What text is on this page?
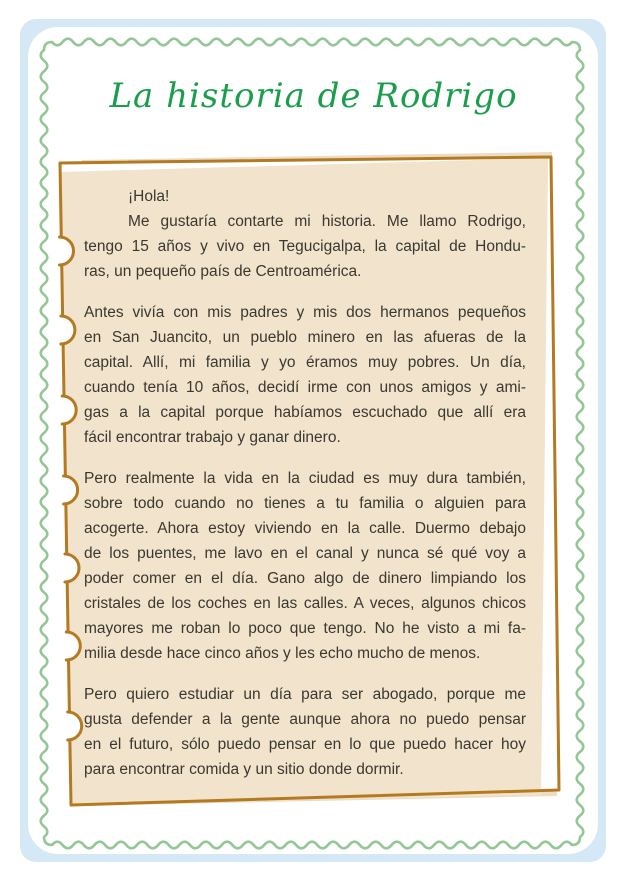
La historia de Rodrigo
¡Hola!
Me gustaría contarte mi historia. Me llamo Rodrigo,
tengo 15 años y vivo en Tegucigalpa, la capital de Hondu-
ras, un pequeño país de Centroamérica.
Antes vivía con mis padres y mis dos hermanos pequeños
en San Juancito, un pueblo minero en las afueras de la
capital. Allí, mi familia y yo éramos muy pobres. Un día,
cuando tenía 10 años, decidí irme con unos amigos y ami-
gas a la capital porque habíamos escuchado que allí era
fácil encontrar trabajo y ganar dinero.
Pero realmente la vida en la ciudad es muy dura también,
sobre todo cuando no tienes a tu familia o alguien para
acogerte. Ahora estoy viviendo en la calle. Duermo debajo
de los puentes, me lavo en el canal y nunca sé qué voy a
poder comer en el día. Gano algo de dinero limpiando los
cristales de los coches en las calles. A veces, algunos chicos
mayores me roban lo poco que tengo. No he visto a mi fa-
milia desde hace cinco años y les echo mucho de menos.
Pero quiero estudiar un día para ser abogado, porque me
gusta defender a la gente aunque ahora no puedo pensar
en el futuro, sólo puedo pensar en lo que puedo hacer hoy
para encontrar comida y un sitio donde dormir.
